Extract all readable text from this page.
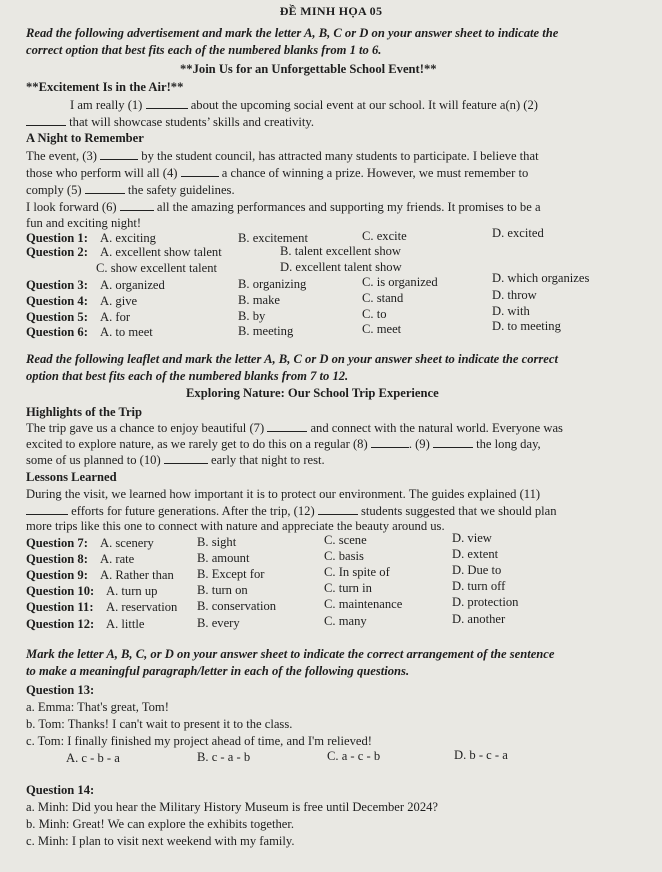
ĐỀ MINH HỌA 05
Read the following advertisement and mark the letter A, B, C or D on your answer sheet to indicate the
correct option that best fits each of the numbered blanks from 1 to 6.
**Join Us for an Unforgettable School Event!**
**Excitement Is in the Air!**
I am really (1)	about the upcoming social event at our school. It will feature a(n) (2)
that will showcase students’ skills and creativity.
A Night to Remember
The event, (3)	by the student council, has attracted many students to participate. I believe that
those who perform will all (4)	a chance of winning a prize. However, we must remember to
comply (5)	the safety guidelines.
I look forward (6)	all the amazing performances and supporting my friends. It promises to be a
fun and exciting night!
Question 1: A. exciting	B. excitement	C. excite	D. excited
Question 2: A. excellent show talent	B. talent excellent show
C. show excellent talent	D. excellent talent show
Question 3: A. organized	B. organizing	C. is organized	D. which organizes
Question 4: A. give	B. make	C. stand	D. throw
Question 5: A. for	B. by	C. to	D. with
Question 6: A. to meet	B. meeting	C. meet	D. to meeting
Read the following leaflet and mark the letter A, B, C or D on your answer sheet to indicate the correct
option that best fits each of the numbered blanks from 7 to 12.
Exploring Nature: Our School Trip Experience
Highlights of the Trip
The trip gave us a chance to enjoy beautiful (7)	and connect with the natural world. Everyone was
excited to explore nature, as we rarely get to do this on a regular (8)	. (9)	the long day,
some of us planned to (10)	early that night to rest.
Lessons Learned
During the visit, we learned how important it is to protect our environment. The guides explained (11)
efforts for future generations. After the trip, (12)	students suggested that we should plan
more trips like this one to connect with nature and appreciate the beauty around us.
Question 7: A. scenery	B. sight	C. scene	D. view
Question 8: A. rate	B. amount	C. basis	D. extent
Question 9: A. Rather than B. Except for	C. In spite of	D. Due to
Question 10: A. turn up	B. turn on	C. turn in	D. turn off
Question 11: A. reservation B. conservation	C. maintenance	D. protection
Question 12: A. little	B. every	C. many	D. another
Mark the letter A, B, C, or D on your answer sheet to indicate the correct arrangement of the sentence
to make a meaningful paragraph/letter in each of the following questions.
Question 13:
a. Emma: That's great, Tom!
b. Tom: Thanks! I can't wait to present it to the class.
c. Tom: I finally finished my project ahead of time, and I'm relieved!
A. c - b - a	B. c - a - b	C. a - c - b	D. b - c - a
Question 14:
a. Minh: Did you hear the Military History Museum is free until December 2024?
b. Minh: Great! We can explore the exhibits together.
c. Minh: I plan to visit next weekend with my family.
